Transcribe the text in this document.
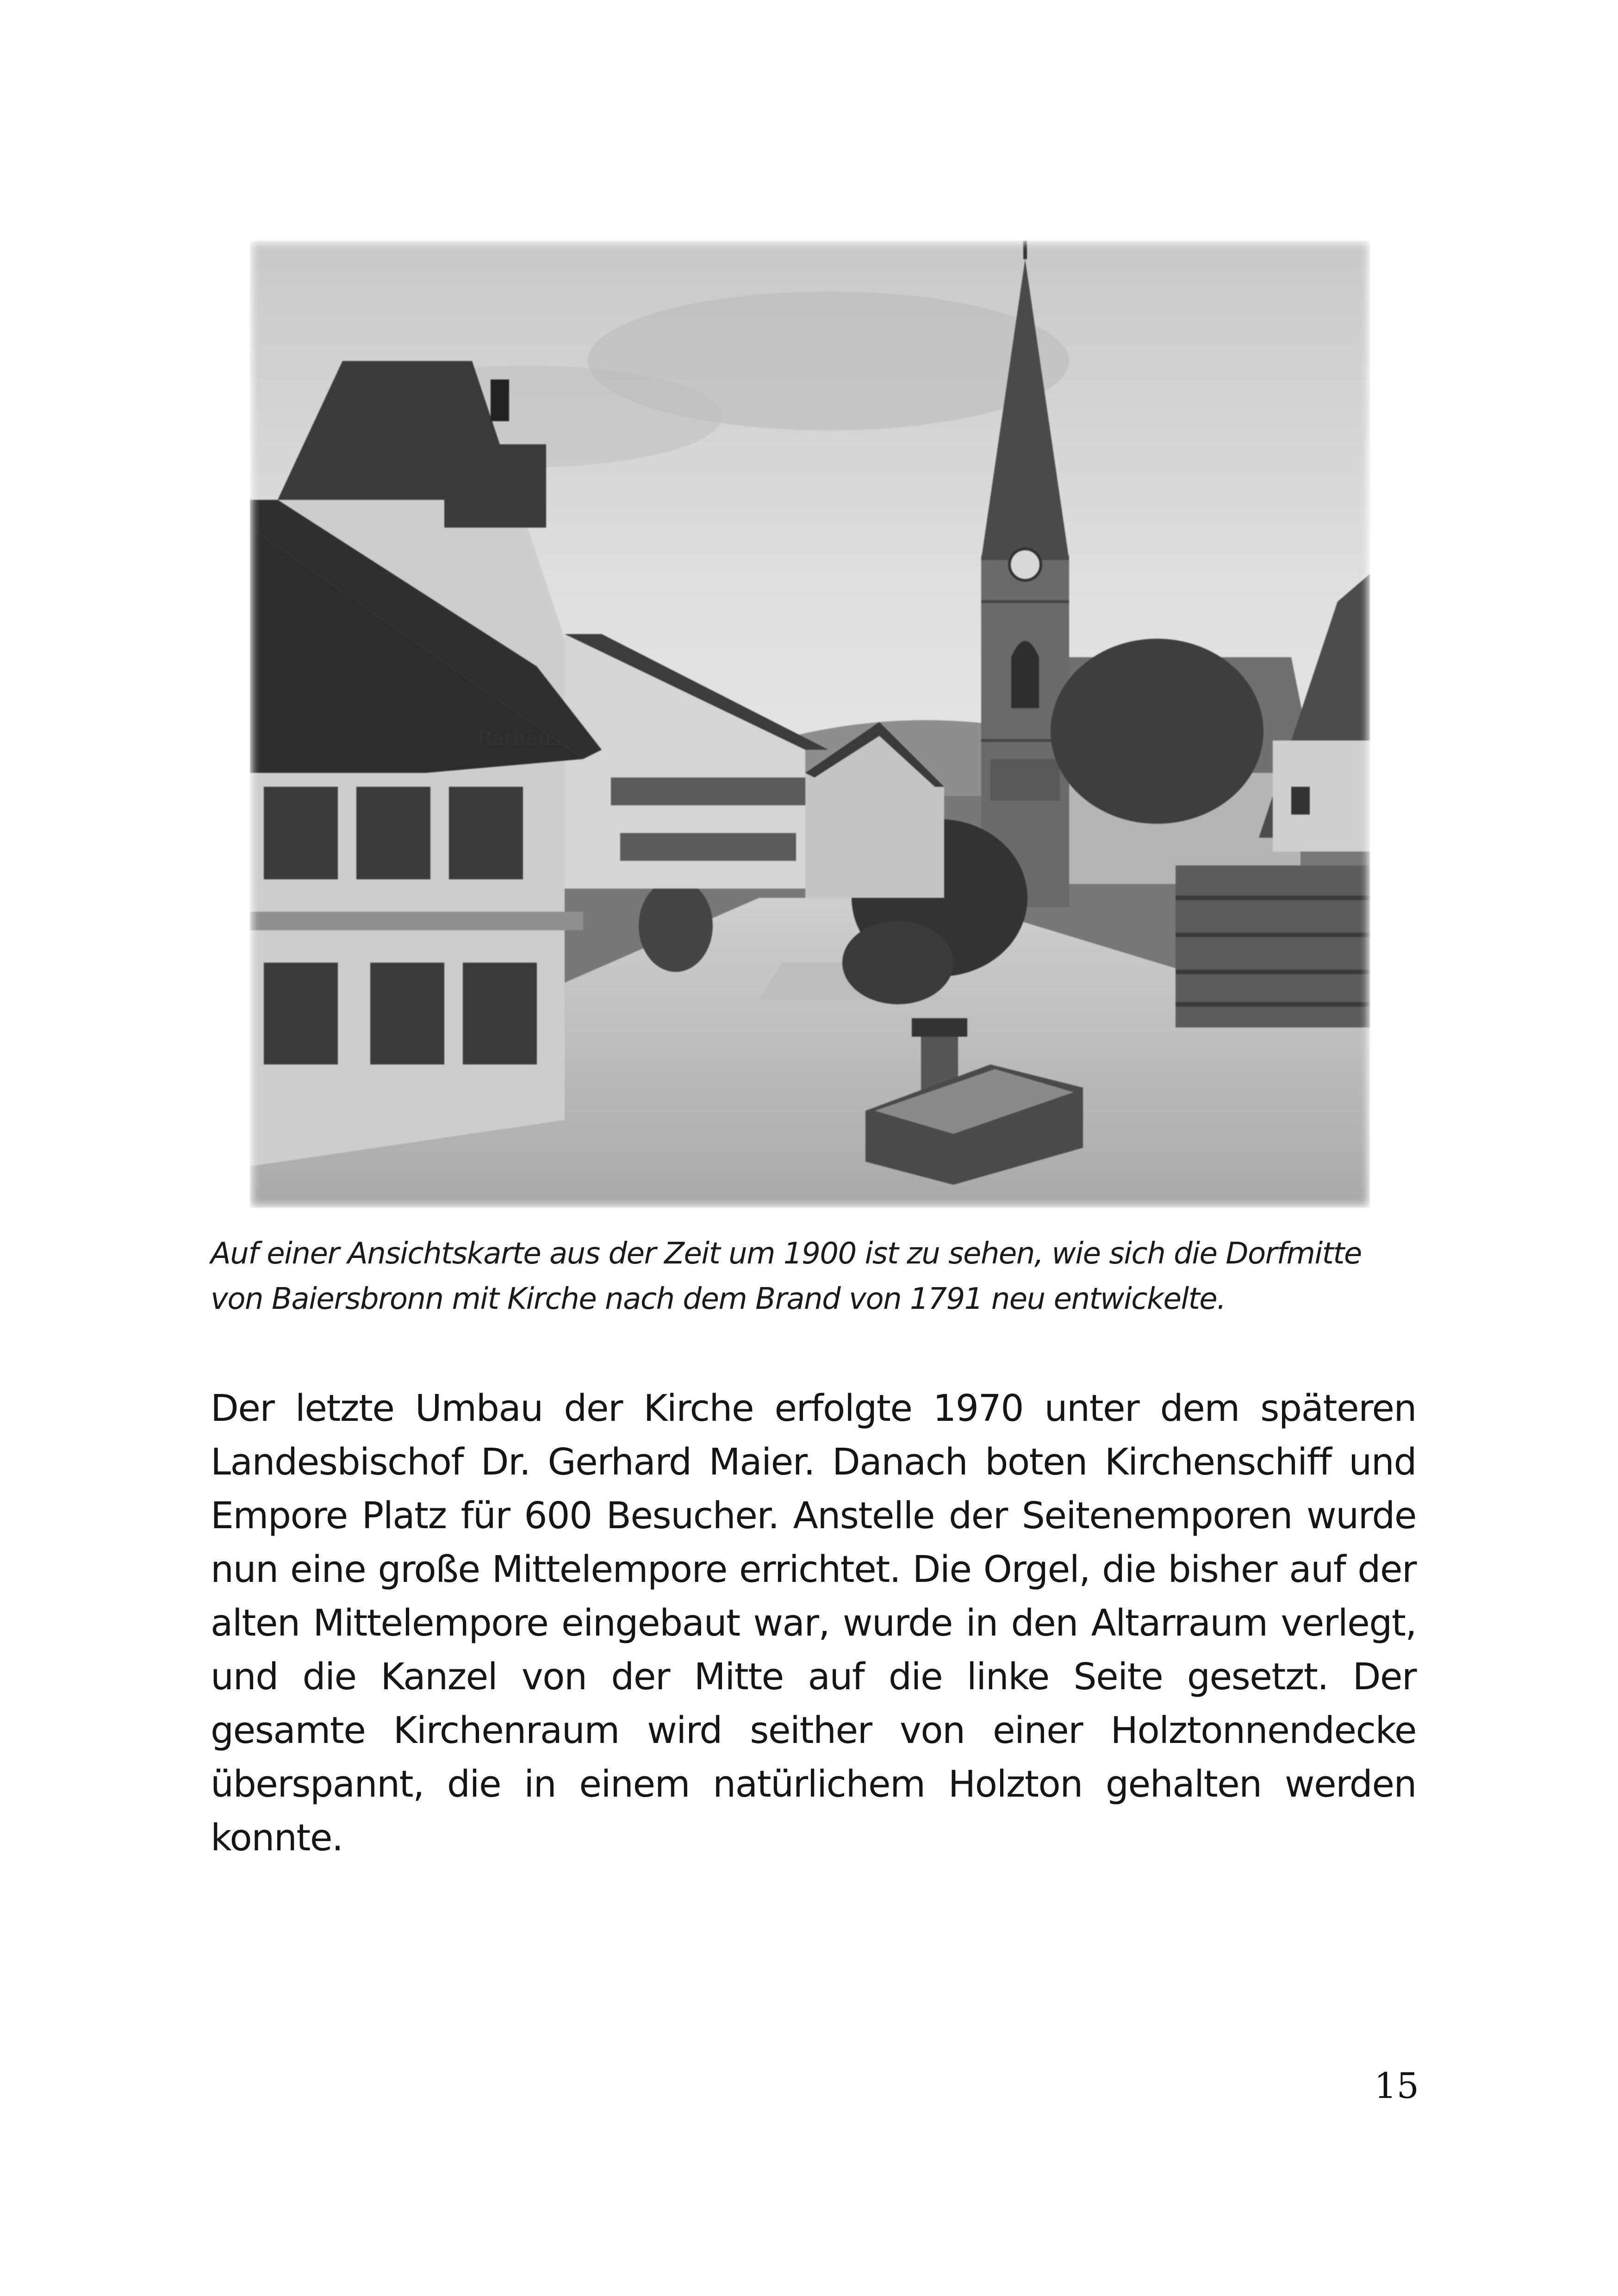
Rathaus

Auf einer Ansichtskarte aus der Zeit um 1900 ist zu sehen, wie sich die Dorfmitte

von Baiersbronn mit Kirche nach dem Brand von 1791 neu entwickelte.

Der letzte Umbau der Kirche erfolgte 1970 unter dem späteren Landesbischof Dr. Gerhard Maier. Danach boten Kirchenschiff und Empore Platz für 600 Besucher. Anstelle der Seitenemporen wurde nun eine große Mittelempore errichtet. Die Orgel, die bisher auf der alten Mittelempore eingebaut war, wurde in den Altarraum verlegt, und die Kanzel von der Mitte auf die linke Seite gesetzt. Der gesamte Kirchenraum wird seither von einer Holztonnendecke überspannt, die in einem natürlichem Holzton gehalten werden konnte.

15
